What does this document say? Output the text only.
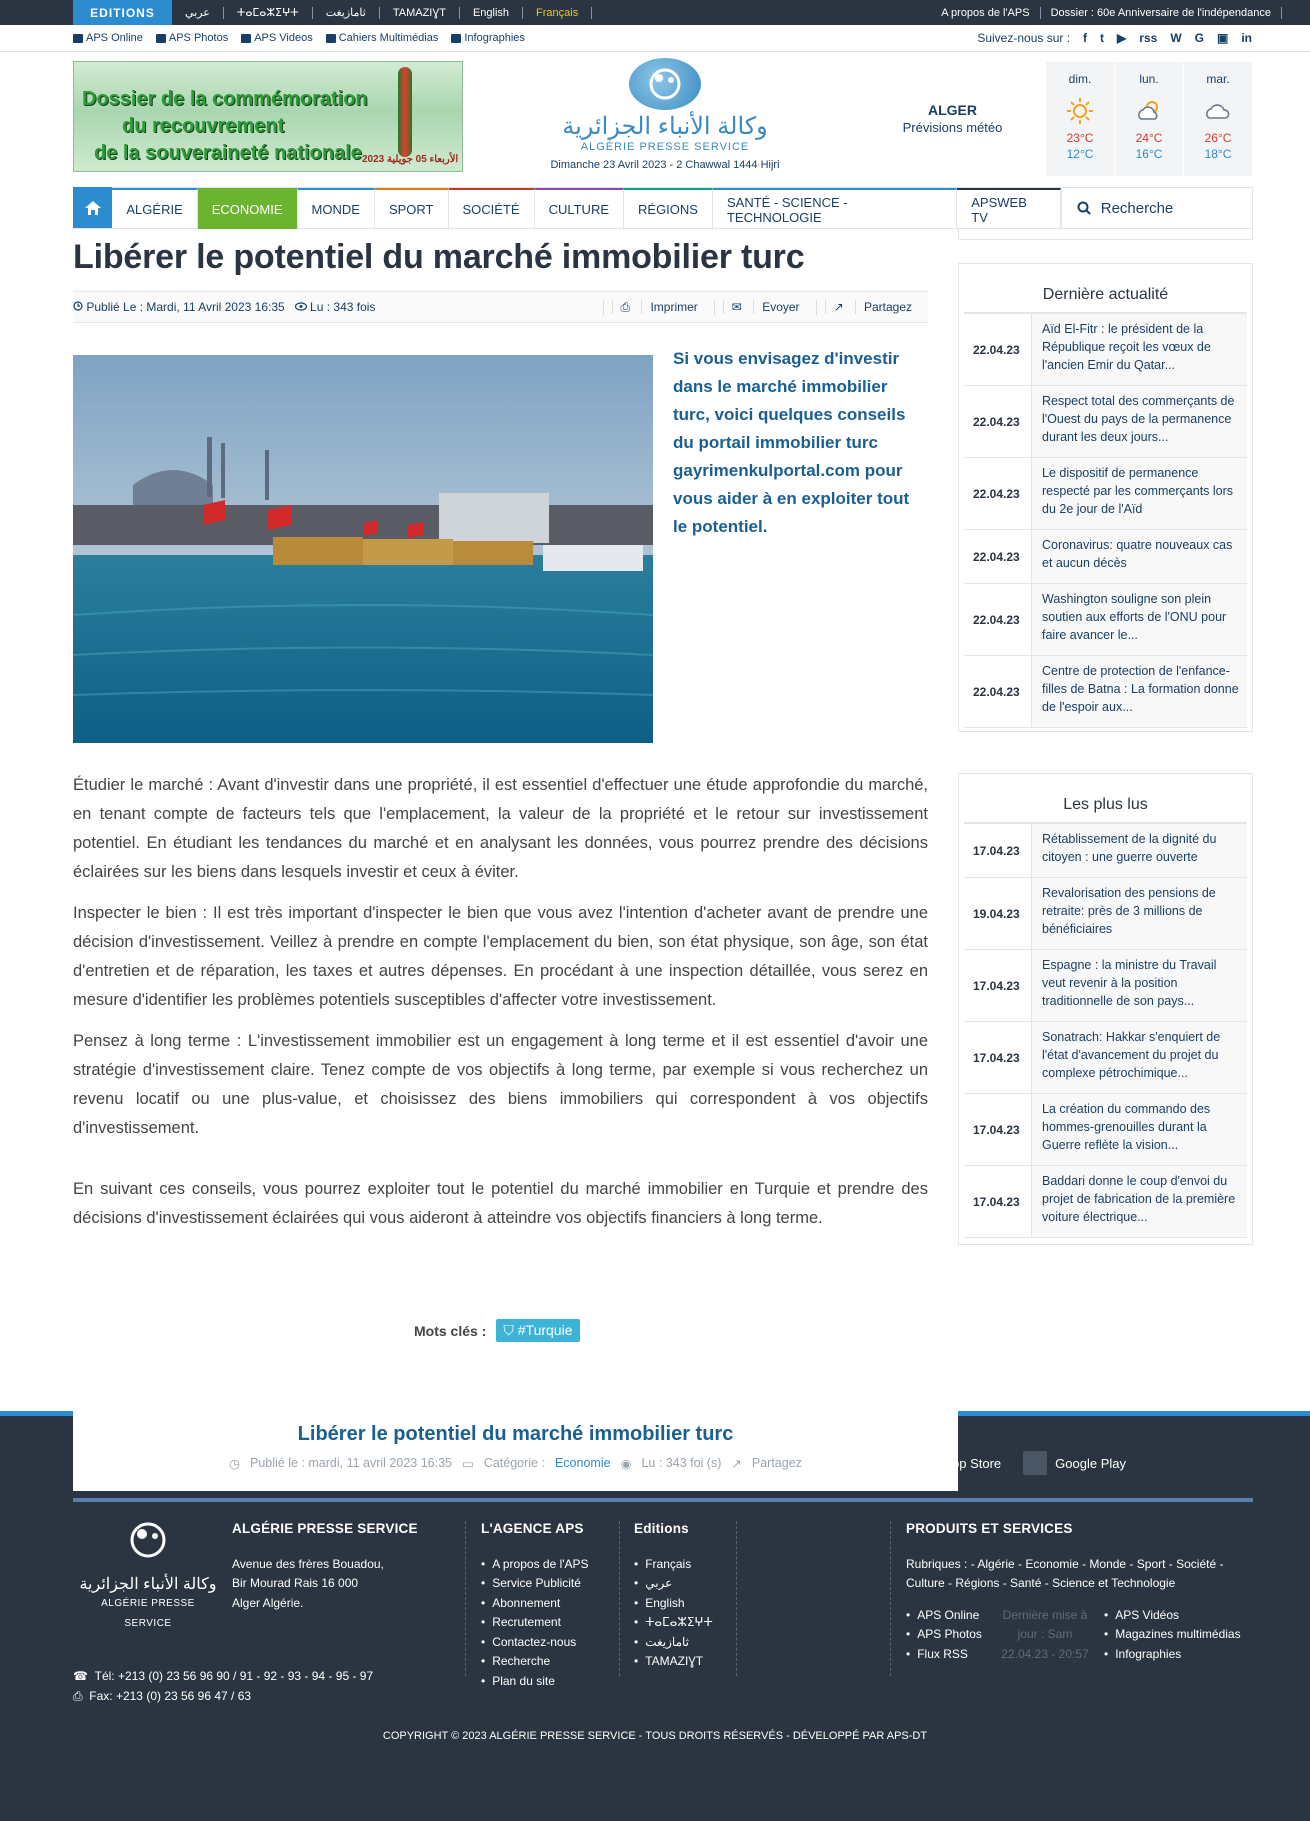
EDITIONS	عربي	ⵜⴰⵎⴰⵣⵉⵖⵜ	ثامازيغت	TAMAZIƔT	English	Français	A propos de l'APS	Dossier : 60e Anniversaire de l'indépendance
APS Online APS Photos APS Videos Cahiers Multimédias Infographies	Suivez-nous sur : f t ▶ rss W G ▣ in
Dossier de la commémoration
du recouvrement
de la souveraineté nationale الأربعاء 05 جويلية 2023
وكالة الأنباء الجزائرية
ALGÉRIE PRESSE SERVICE
Dimanche 23 Avril 2023 - 2 Chawwal 1444 Hijri
ALGER
Prévisions météo
dim.
23°C
12°C
lun.
24°C
16°C
mar.
26°C
18°C
ALGÉRIE	ECONOMIE	MONDE	SPORT	SOCIÉTÉ	CULTURE	RÉGIONS	SANTÉ - SCIENCE - TECHNOLOGIE
APSWEB TV
Recherche
Libérer le potentiel du marché immobilier turc
Publié Le : Mardi, 11 Avril 2023 16:35	Lu : 343 fois	⎙ Imprimer	✉ Evoyer	↗ Partagez
Si vous envisagez d'investir dans le marché immobilier turc, voici quelques conseils du portail immobilier turc gayrimenkulportal.com pour vous aider à en exploiter tout le potentiel.

Étudier le marché : Avant d'investir dans une propriété, il est essentiel d'effectuer une étude approfondie du marché, en tenant compte de facteurs tels que l'emplacement, la valeur de la propriété et le retour sur investissement potentiel. En étudiant les tendances du marché et en analysant les données, vous pourrez prendre des décisions éclairées sur les biens dans lesquels investir et ceux à éviter.

Inspecter le bien : Il est très important d'inspecter le bien que vous avez l'intention d'acheter avant de prendre une décision d'investissement. Veillez à prendre en compte l'emplacement du bien, son état physique, son âge, son état d'entretien et de réparation, les taxes et autres dépenses. En procédant à une inspection détaillée, vous serez en mesure d'identifier les problèmes potentiels susceptibles d'affecter votre investissement.

Pensez à long terme : L'investissement immobilier est un engagement à long terme et il est essentiel d'avoir une stratégie d'investissement claire. Tenez compte de vos objectifs à long terme, par exemple si vous recherchez un revenu locatif ou une plus-value, et choisissez des biens immobiliers qui correspondent à vos objectifs d'investissement.

En suivant ces conseils, vous pourrez exploiter tout le potentiel du marché immobilier en Turquie et prendre des décisions d'investissement éclairées qui vous aideront à atteindre vos objectifs financiers à long terme.

Mots clés :	⛉ #Turquie
Dernière actualité
22.04.23
Aïd El-Fitr : le président de la République reçoit les vœux de l'ancien Emir du Qatar...
22.04.23
Respect total des commerçants de l'Ouest du pays de la permanence durant les deux jours...
22.04.23
Le dispositif de permanence respecté par les commerçants lors du 2e jour de l'Aïd
22.04.23
Coronavirus: quatre nouveaux cas et aucun décès
22.04.23
Washington souligne son plein soutien aux efforts de l'ONU pour faire avancer le...
22.04.23
Centre de protection de l'enfance-filles de Batna : La formation donne de l'espoir aux...
Les plus lus
17.04.23
Rétablissement de la dignité du citoyen : une guerre ouverte
19.04.23
Revalorisation des pensions de retraite: près de 3 millions de bénéficiaires
17.04.23
Espagne : la ministre du Travail veut revenir à la position traditionnelle de son pays...
17.04.23
Sonatrach: Hakkar s'enquiert de l'état d'avancement du projet du complexe pétrochimique...
17.04.23
La création du commando des hommes-grenouilles durant la Guerre reflète la vision...
17.04.23
Baddari donne le coup d'envoi du projet de fabrication de la première voiture électrique...
Libérer le potentiel du marché immobilier turc
◷ Publié le : mardi, 11 avril 2023 16:35 ▭ Catégorie : Economie ◉ Lu : 343 foi (s) ↗ Partagez	pp Store	Google Play
وكالة الأنباء الجزائرية
ALGÉRIE PRESSE SERVICE
ALGÉRIE PRESSE SERVICE
Avenue des frères Bouadou,
Bir Mourad Rais 16 000
Alger Algérie.
☎ Tél: +213 (0) 23 56 96 90 / 91 - 92 - 93 - 94 - 95 - 97
⎙ Fax: +213 (0) 23 56 96 47 / 63
L'AGENCE APS
• A propos de l'APS
• Service Publicité
• Abonnement
• Recrutement
• Contactez-nous
• Recherche
• Plan du site
Editions
• Français
• عربي
• English
• ⵜⴰⵎⴰⵣⵉⵖⵜ
• ثامازيغت
• TAMAZIƔT
PRODUITS ET SERVICES
Rubriques : - Algérie - Economie - Monde - Sport - Société - Culture - Régions - Santé - Science et Technologie
• APS Online
• APS Photos
• Flux RSS
Dernière mise à jour : Sam 22.04.23 - 20:57
• APS Vidéos
• Magazines multimédias
• Infographies
COPYRIGHT © 2023 ALGÉRIE PRESSE SERVICE - TOUS DROITS RÉSERVÉS - DÉVELOPPÉ PAR APS-DT
